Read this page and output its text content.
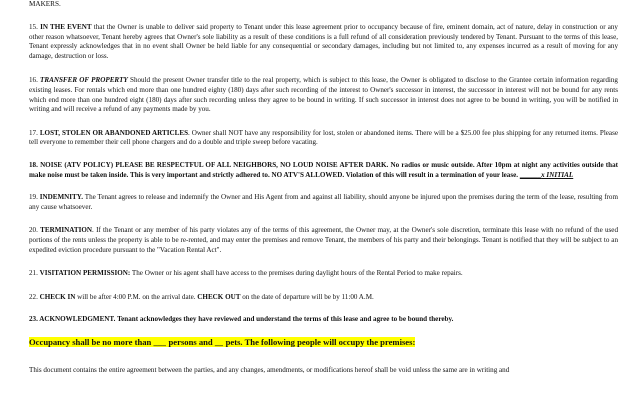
MAKERS.

15. IN THE EVENT that the Owner is unable to deliver said property to Tenant under this lease agreement prior to occupancy because of fire, eminent domain, act of nature, delay in construction or any other reason whatsoever, Tenant hereby agrees that Owner's sole liability as a result of these conditions is a full refund of all consideration previously tendered by Tenant. Pursuant to the terms of this lease, Tenant expressly acknowledges that in no event shall Owner be held liable for any consequential or secondary damages, including but not limited to, any expenses incurred as a result of moving for any damage, destruction or loss.

16. TRANSFER OF PROPERTY Should the present Owner transfer title to the real property, which is subject to this lease, the Owner is obligated to disclose to the Grantee certain information regarding existing leases. For rentals which end more than one hundred eighty (180) days after such recording of the interest to Owner's successor in interest, the successor in interest will not be bound for any rents which end more than one hundred eight (180) days after such recording unless they agree to be bound in writing. If such successor in interest does not agree to be bound in writing, you will be notified in writing and will receive a refund of any payments made by you.

17. LOST, STOLEN OR ABANDONED ARTICLES. Owner shall NOT have any responsibility for lost, stolen or abandoned items. There will be a $25.00 fee plus shipping for any returned items. Please tell everyone to remember their cell phone chargers and do a double and triple sweep before vacating.

18. NOISE (ATV POLICY) PLEASE BE RESPECTFUL OF ALL NEIGHBORS, NO LOUD NOISE AFTER DARK. No radios or music outside. After 10pm at night any activities outside that make noise must be taken inside. This is very important and strictly adhered to. NO ATV'S ALLOWED. Violation of this will result in a termination of your lease. ______x INITIAL

19. INDEMNITY. The Tenant agrees to release and indemnify the Owner and His Agent from and against all liability, should anyone be injured upon the premises during the term of the lease, resulting from any cause whatsoever.

20. TERMINATION. If the Tenant or any member of his party violates any of the terms of this agreement, the Owner may, at the Owner's sole discretion, terminate this lease with no refund of the used portions of the rents unless the property is able to be re-rented, and may enter the premises and remove Tenant, the members of his party and their belongings. Tenant is notified that they will be subject to an expedited eviction procedure pursuant to the "Vacation Rental Act".

21. VISITATION PERMISSION: The Owner or his agent shall have access to the premises during daylight hours of the Rental Period to make repairs.

22. CHECK IN will be after 4:00 P.M. on the arrival date. CHECK OUT on the date of departure will be by 11:00 A.M.

23. ACKNOWLEDGMENT. Tenant acknowledges they have reviewed and understand the terms of this lease and agree to be bound thereby.

Occupancy shall be no more than ___ persons and __ pets. The following people will occupy the premises:

This document contains the entire agreement between the parties, and any changes, amendments, or modifications hereof shall be void unless the same are in writing and
